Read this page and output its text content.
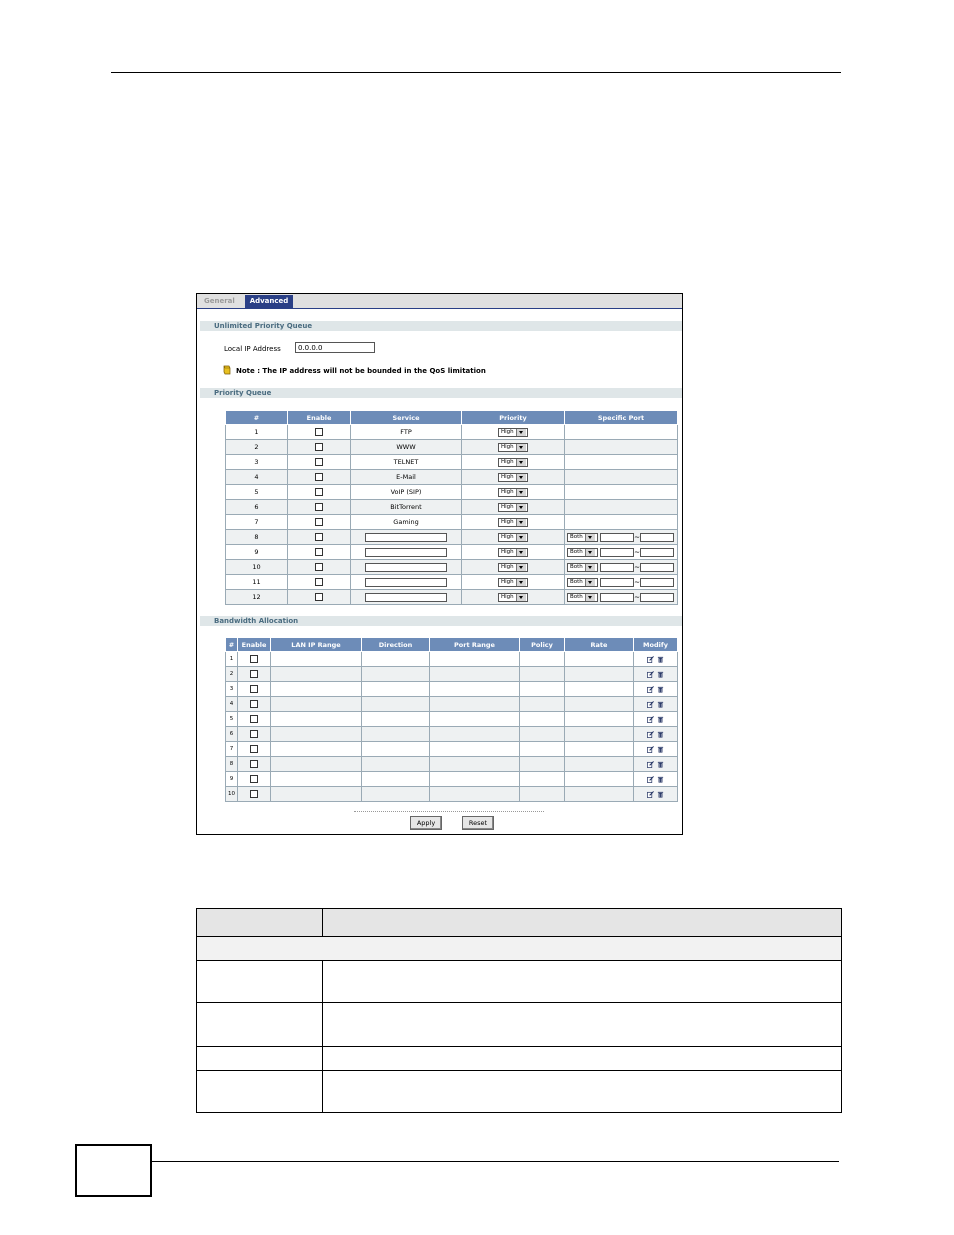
General	Advanced
Unlimited Priority Queue
Local IP Address	0.0.0.0
Note : The IP address will not be bounded in the QoS limitation
Priority Queue
#	Enable	Service	Priority	Specific Port
1		FTP	High	

2		WWW	High	

3		TELNET	High	

4		E-Mail	High	

5		VoIP (SIP)	High	

6		BitTorrent	High	

7		Gaming	High	

8			High	Both ~
9			High	Both ~
10			High	Both ~
11			High	Both ~
12			High	Both ~
Bandwidth Allocation
#	Enable	LAN IP Range	Direction	Port Range	Policy	Rate	Modify
1							
2							
3							
4							
5							
6							
7							
8							
9							
10							
Apply	Reset
